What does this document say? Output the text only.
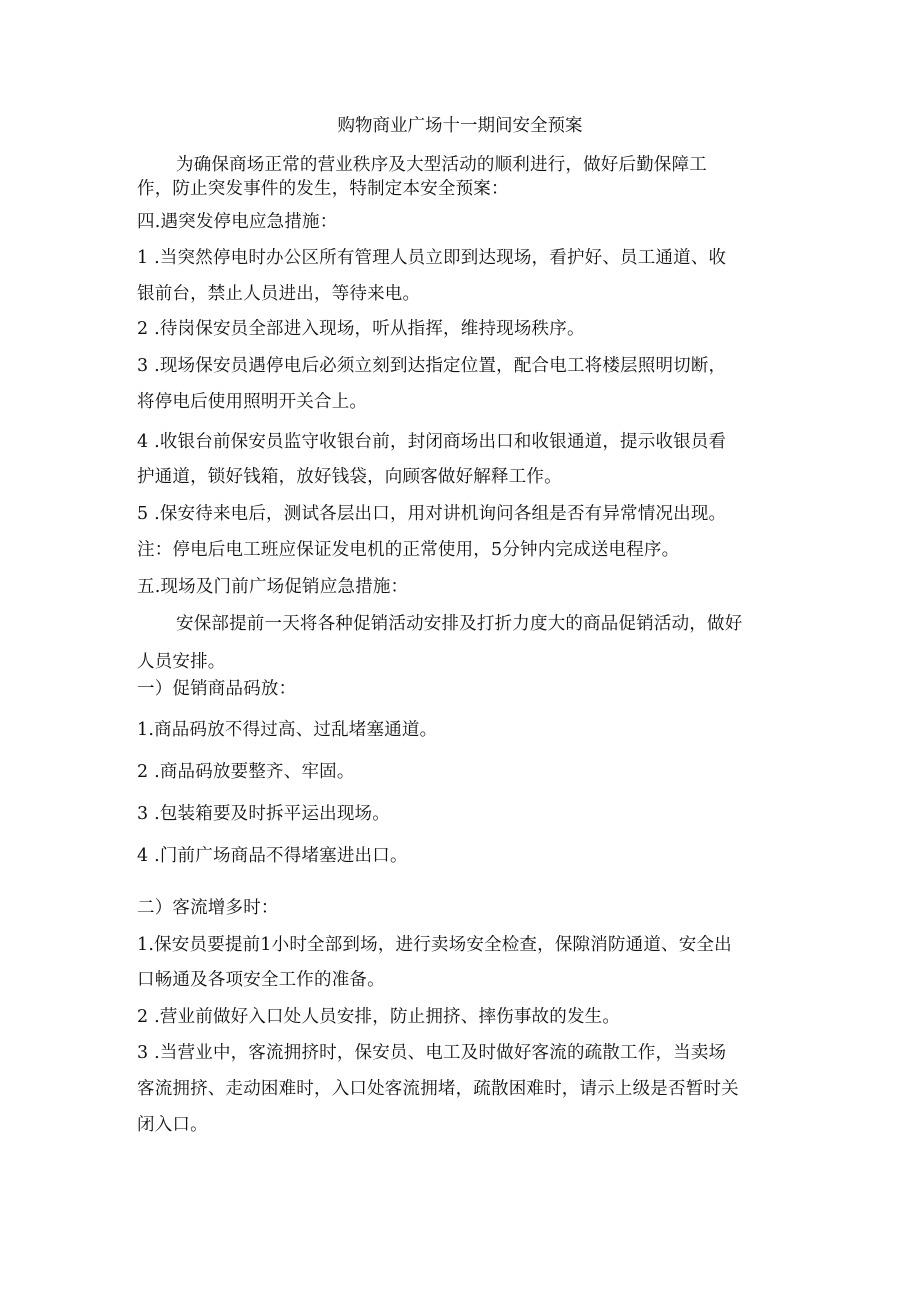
购物商业广场十一期间安全预案
为确保商场正常的营业秩序及大型活动的顺利进行，做好后勤保障工
作，防止突发事件的发生，特制定本安全预案：
四.遇突发停电应急措施：
1 .当突然停电时办公区所有管理人员立即到达现场，看护好、员工通道、收
银前台，禁止人员进出，等待来电。
2 .待岗保安员全部进入现场，听从指挥，维持现场秩序。
3 .现场保安员遇停电后必须立刻到达指定位置，配合电工将楼层照明切断，
将停电后使用照明开关合上。
4 .收银台前保安员监守收银台前，封闭商场出口和收银通道，提示收银员看
护通道，锁好钱箱，放好钱袋，向顾客做好解释工作。
5 .保安待来电后，测试各层出口，用对讲机询问各组是否有异常情况出现。
注：停电后电工班应保证发电机的正常使用，5分钟内完成送电程序。
五.现场及门前广场促销应急措施：
安保部提前一天将各种促销活动安排及打折力度大的商品促销活动，做好
人员安排。
一）促销商品码放：
1.商品码放不得过高、过乱堵塞通道。
2 .商品码放要整齐、牢固。
3 .包装箱要及时拆平运出现场。
4 .门前广场商品不得堵塞进出口。
二）客流增多时：
1.保安员要提前1小时全部到场，进行卖场安全检查，保隙消防通道、安全出
口畅通及各项安全工作的准备。
2 .营业前做好入口处人员安排，防止拥挤、摔伤事故的发生。
3 .当营业中，客流拥挤时，保安员、电工及时做好客流的疏散工作，当卖场
客流拥挤、走动困难时，入口处客流拥堵，疏散困难时，请示上级是否暂时关
闭入口。
